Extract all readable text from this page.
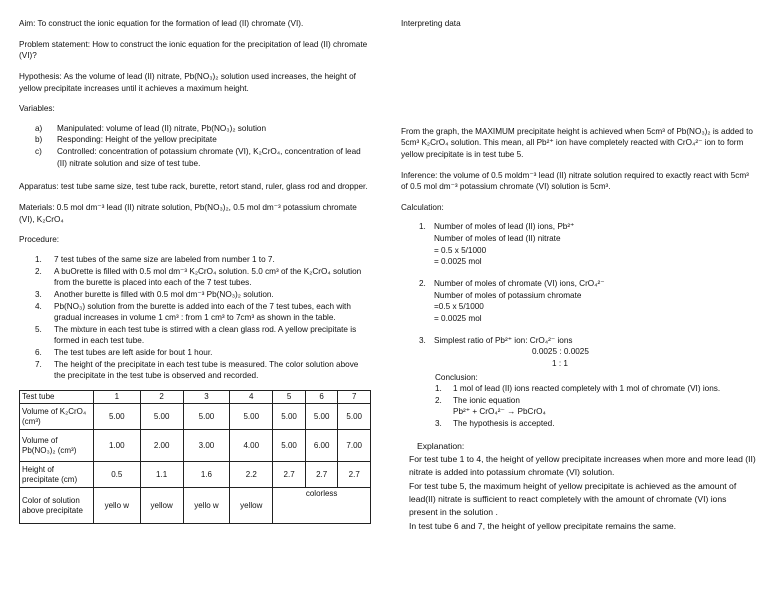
Aim: To construct the ionic equation for the formation of lead (II) chromate (VI).

Problem statement: How to construct the ionic equation for the precipitation of lead (II) chromate (VI)?

Hypothesis: As the volume of lead (II) nitrate, Pb(NO₃)₂ solution used increases, the height of yellow precipitate increases until it achieves a maximum height.

Variables:

a)	Manipulated: volume of lead (II) nitrate, Pb(NO₃)₂ solution
b)	Responding: Height of the yellow precipitate
c)	Controlled: concentration of potassium chromate (VI), K₂CrO₄, concentration of lead (II) nitrate solution and size of test tube.

Apparatus: test tube same size, test tube rack, burette, retort stand, ruler, glass rod and dropper.

Materials: 0.5 mol dm⁻³ lead (II) nitrate solution, Pb(NO₃)₂, 0.5 mol dm⁻³ potassium chromate (VI), K₂CrO₄

Procedure:

1.	7 test tubes of the same size are labeled from number 1 to 7.
2.	A buOrette is filled with 0.5 mol dm⁻³ K₂CrO₄ solution. 5.0 cm³ of the K₂CrO₄ solution from the burette is placed into each of the 7 test tubes.
3.	Another burette is filled with 0.5 mol dm⁻³ Pb(NO₃)₂ solution.
4.	Pb(NO₃) solution from the burette is added into each of the 7 test tubes, each with gradual increases in volume 1 cm³ : from 1 cm³ to 7cm³ as shown in the table.
5.	The mixture in each test tube is stirred with a clean glass rod. A yellow precipitate is formed in each test tube.
6.	The test tubes are left aside for bout 1 hour.
7.	The height of the precipitate in each test tube is measured. The color solution above the precipitate in the test tube is observed and recorded.
Test tube	1	2	3	4	5	6	7
Volume of K₂CrO₄ (cm³)	5.00	5.00	5.00	5.00	5.00	5.00	5.00
Volume of Pb(NO₃)₂ (cm³)	1.00	2.00	3.00	4.00	5.00	6.00	7.00
Height of precipitate (cm)	0.5	1.1	1.6	2.2	2.7	2.7	2.7
Color of solution above precipitate	yello w	yellow	yello w	yellow	colorless		

Interpreting data

From the graph, the MAXIMUM precipitate height is achieved when 5cm³ of Pb(NO₃)₂ is added to 5cm³ K₂CrO₄ solution. This mean, all Pb²⁺ ion have completely reacted with CrO₄²⁻ ion to form yellow precipitate is in test tube 5.

Inference: the volume of 0.5 moldm⁻³ lead (II) nitrate solution required to exactly react with 5cm³ of 0.5 mol dm⁻³ potassium chromate (VI) solution is 5cm³.

Calculation:

1. Number of moles of lead (II) ions, Pb²⁺
Number of moles of lead (II) nitrate
= 0.5 x 5/1000
= 0.0025 mol
2. Number of moles of chromate (VI) ions, CrO₄²⁻
Number of moles of potassium chromate
=0.5 x 5/1000
= 0.0025 mol
3. Simplest ratio of Pb²⁺ ion: CrO₄²⁻ ions
0.0025 : 0.0025
1 : 1
Conclusion:
1.	1 mol of lead (II) ions reacted completely with 1 mol of chromate (VI) ions.
2.	The ionic equation
Pb²⁺ + CrO₄²⁻ → PbCrO₄
3.	The hypothesis is accepted.
Explanation:
For test tube 1 to 4, the height of yellow precipitate increases when more and more lead (II) nitrate is added into potassium chromate (VI) solution.
For test tube 5, the maximum height of yellow precipitate is achieved as the amount of lead(II) nitrate is sufficient to react completely with the amount of chromate (VI) ions present in the solution .
In test tube 6 and 7, the height of yellow precipitate remains the same.
